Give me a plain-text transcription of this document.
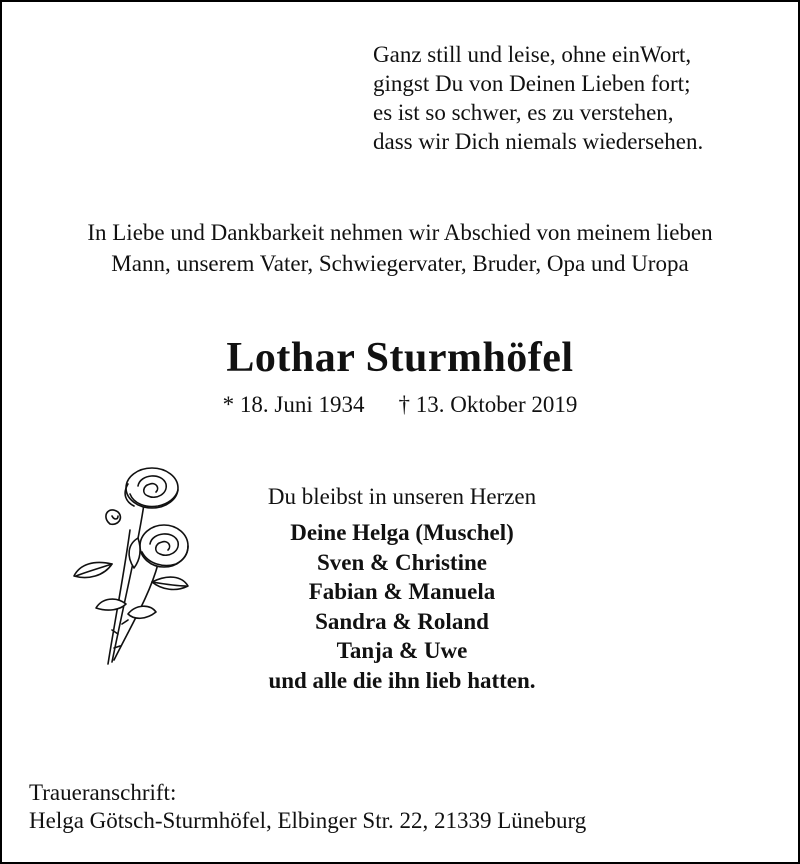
Ganz still und leise, ohne einWort,
gingst Du von Deinen Lieben fort;
es ist so schwer, es zu verstehen,
dass wir Dich niemals wiedersehen.
In Liebe und Dankbarkeit nehmen wir Abschied von meinem lieben
Mann, unserem Vater, Schwiegervater, Bruder, Opa und Uropa
Lothar Sturmhöfel
* 18. Juni 1934 † 13. Oktober 2019
Du bleibst in unseren Herzen
Deine Helga (Muschel)
Sven & Christine
Fabian & Manuela
Sandra & Roland
Tanja & Uwe
und alle die ihn lieb hatten.
Traueranschrift:
Helga Götsch-Sturmhöfel, Elbinger Str. 22, 21339 Lüneburg
